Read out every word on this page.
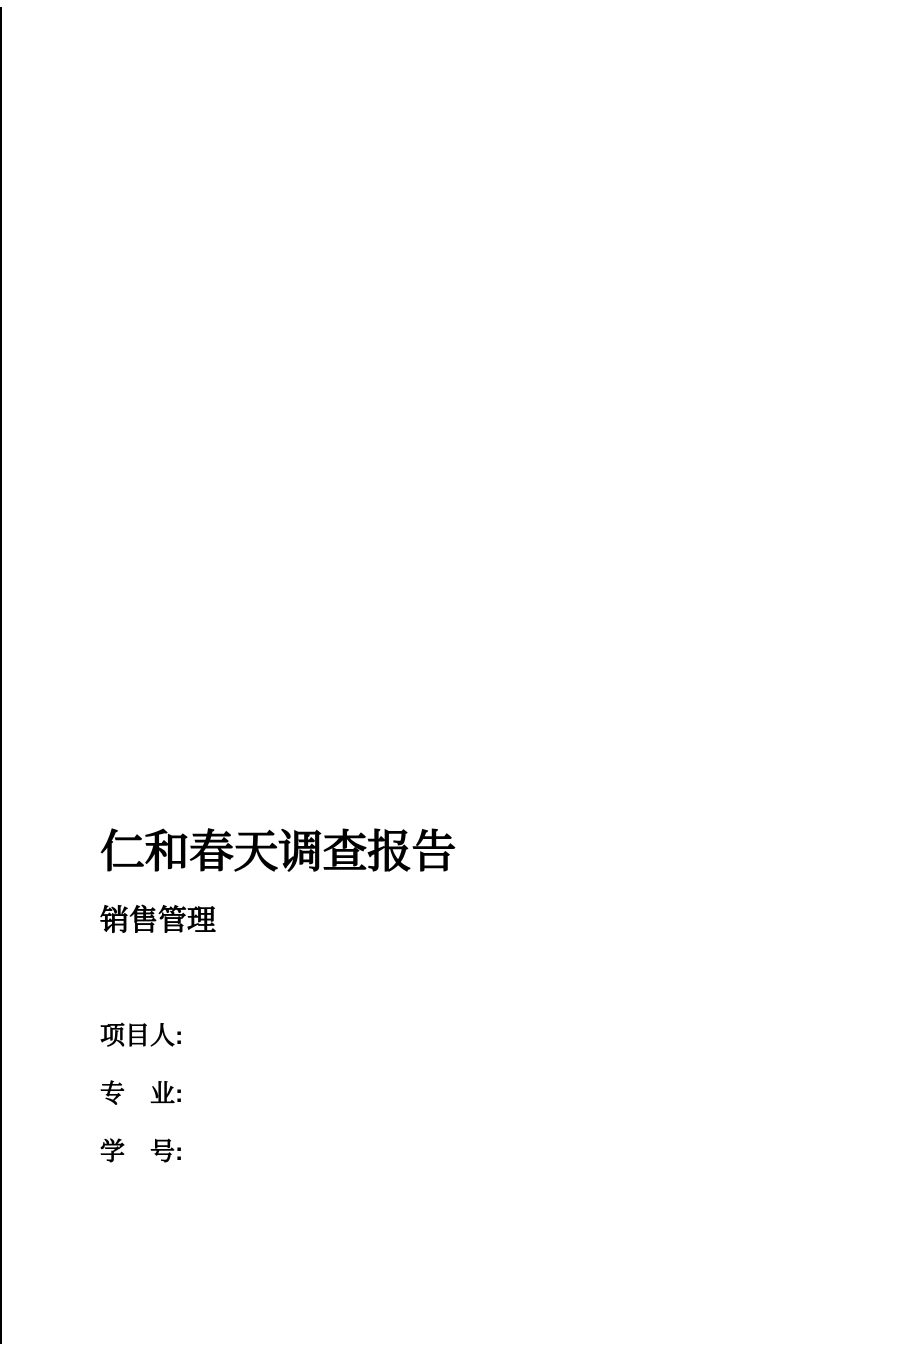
仁和春天调查报告
销售管理
项目人:
专　业:
学　号:
